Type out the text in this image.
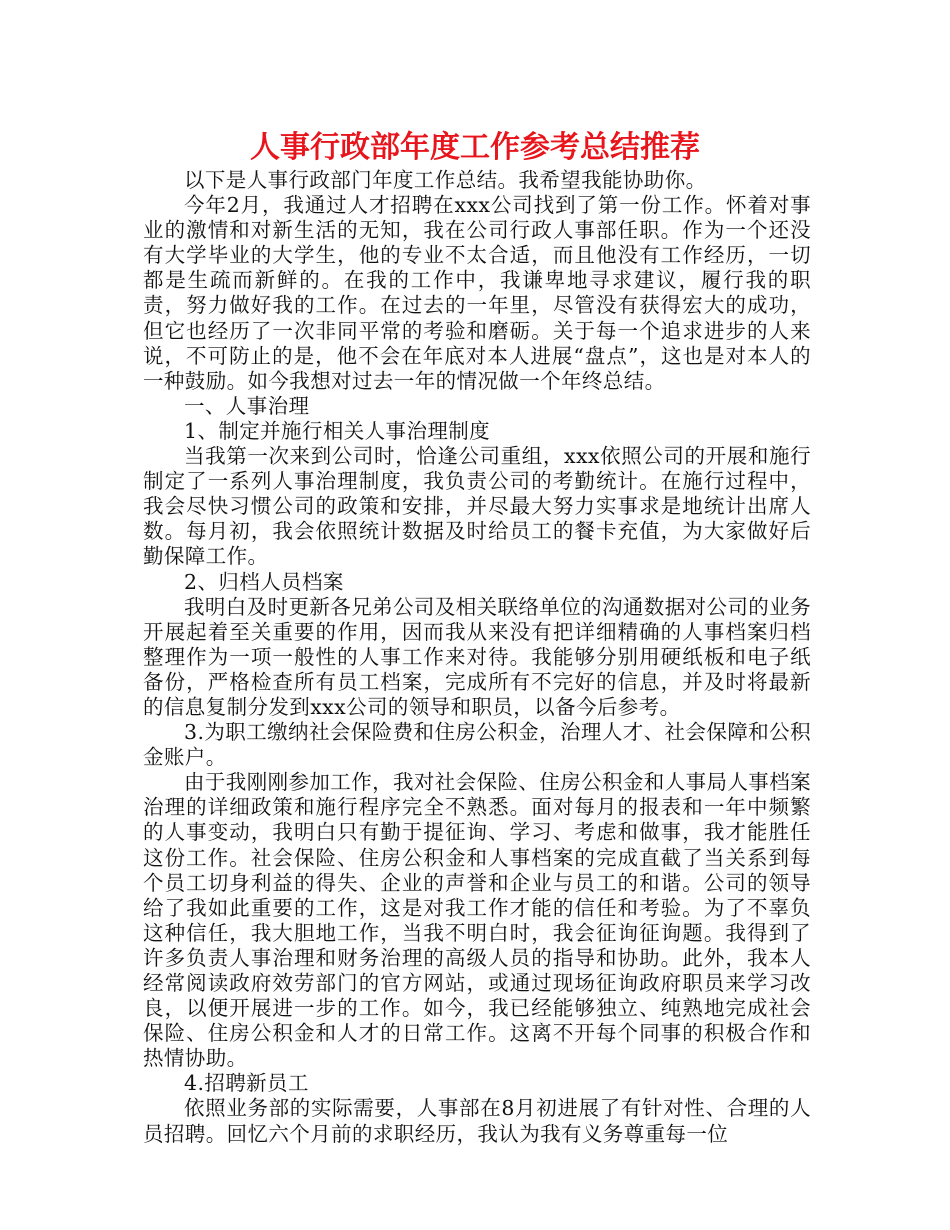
人事行政部年度工作参考总结推荐

以下是人事行政部门年度工作总结。我希望我能协助你。

今年2月，我通过人才招聘在xxx公司找到了第一份工作。怀着对事业的激情和对新生活的无知，我在公司行政人事部任职。作为一个还没有大学毕业的大学生，他的专业不太合适，而且他没有工作经历，一切都是生疏而新鲜的。在我的工作中，我谦卑地寻求建议，履行我的职责，努力做好我的工作。在过去的一年里，尽管没有获得宏大的成功，但它也经历了一次非同平常的考验和磨砺。关于每一个追求进步的人来说，不可防止的是，他不会在年底对本人进展“盘点”，这也是对本人的一种鼓励。如今我想对过去一年的情况做一个年终总结。

一、人事治理

1、制定并施行相关人事治理制度

当我第一次来到公司时，恰逢公司重组，xxx依照公司的开展和施行制定了一系列人事治理制度，我负责公司的考勤统计。在施行过程中，我会尽快习惯公司的政策和安排，并尽最大努力实事求是地统计出席人数。每月初，我会依照统计数据及时给员工的餐卡充值，为大家做好后勤保障工作。

2、归档人员档案

我明白及时更新各兄弟公司及相关联络单位的沟通数据对公司的业务开展起着至关重要的作用，因而我从来没有把详细精确的人事档案归档整理作为一项一般性的人事工作来对待。我能够分别用硬纸板和电子纸备份，严格检查所有员工档案，完成所有不完好的信息，并及时将最新的信息复制分发到xxx公司的领导和职员，以备今后参考。

3.为职工缴纳社会保险费和住房公积金，治理人才、社会保障和公积金账户。

由于我刚刚参加工作，我对社会保险、住房公积金和人事局人事档案治理的详细政策和施行程序完全不熟悉。面对每月的报表和一年中频繁的人事变动，我明白只有勤于提征询、学习、考虑和做事，我才能胜任这份工作。社会保险、住房公积金和人事档案的完成直截了当关系到每个员工切身利益的得失、企业的声誉和企业与员工的和谐。公司的领导给了我如此重要的工作，这是对我工作才能的信任和考验。为了不辜负这种信任，我大胆地工作，当我不明白时，我会征询征询题。我得到了许多负责人事治理和财务治理的高级人员的指导和协助。此外，我本人经常阅读政府效劳部门的官方网站，或通过现场征询政府职员来学习改良，以便开展进一步的工作。如今，我已经能够独立、纯熟地完成社会保险、住房公积金和人才的日常工作。这离不开每个同事的积极合作和热情协助。

4.招聘新员工

依照业务部的实际需要，人事部在8月初进展了有针对性、合理的人员招聘。回忆六个月前的求职经历，我认为我有义务尊重每一位
